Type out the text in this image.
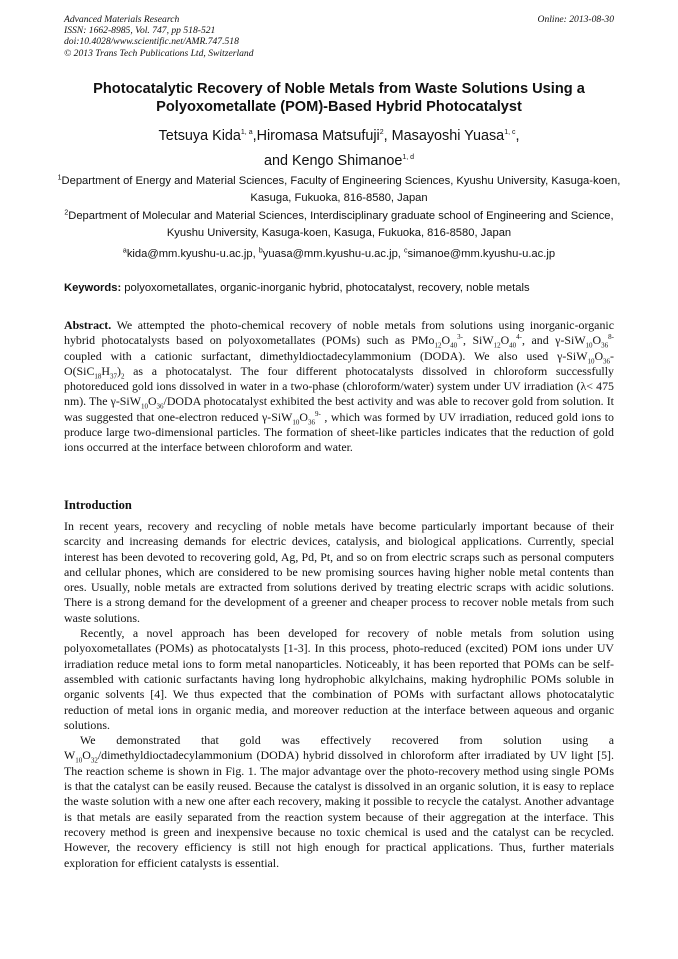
Advanced Materials Research
ISSN: 1662-8985, Vol. 747, pp 518-521
doi:10.4028/www.scientific.net/AMR.747.518
© 2013 Trans Tech Publications Ltd, Switzerland
Online: 2013-08-30
Photocatalytic Recovery of Noble Metals from Waste Solutions Using a
Polyoxometallate (POM)-Based Hybrid Photocatalyst
Tetsuya Kida$^{1, a}$,Hiromasa Matsufuji$^2$, Masayoshi Yuasa$^{1, c}$,
and Kengo Shimanoe$^{1, d}$
$^1$Department of Energy and Material Sciences, Faculty of Engineering Sciences, Kyushu University, Kasuga-koen, Kasuga, Fukuoka, 816-8580, Japan
$^2$Department of Molecular and Material Sciences, Interdisciplinary graduate school of Engineering and Science, Kyushu University, Kasuga-koen, Kasuga, Fukuoka, 816-8580, Japan
$^a$kida@mm.kyushu-u.ac.jp, $^b$yuasa@mm.kyushu-u.ac.jp, $^c$simanoe@mm.kyushu-u.ac.jp
Keywords: polyoxometallates, organic-inorganic hybrid, photocatalyst, recovery, noble metals

Abstract. We attempted the photo-chemical recovery of noble metals from solutions using inorganic-organic hybrid photocatalysts based on polyoxometallates (POMs) such as $PMo_{12}O_{40}^{3-}$, $SiW_{12}O_{40}^{4-}$, and $\gamma-SiW_{10}O_{36}^{8-}$ coupled with a cationic surfactant, dimethyldioctadecylammonium (DODA). We also used $\gamma-SiW_{10}O_{36}-O(SiC_{18}H_{37})_2$ as a photocatalyst. The four different photocatalysts dissolved in chloroform successfully photoreduced gold ions dissolved in water in a two-phase (chloroform/water) system under UV irradiation (λ< 475 nm). The $\gamma-SiW_{10}O_{36}$/DODA photocatalyst exhibited the best activity and was able to recover gold from solution. It was suggested that one-electron reduced $\gamma-SiW_{10}O_{36}^{9-}$ , which was formed by UV irradiation, reduced gold ions to produce large two-dimensional particles. The formation of sheet-like particles indicates that the reduction of gold ions occurred at the interface between chloroform and water.

Introduction

In recent years, recovery and recycling of noble metals have become particularly important because of their scarcity and increasing demands for electric devices, catalysis, and biological applications. Currently, special interest has been devoted to recovering gold, Ag, Pd, Pt, and so on from electric scraps such as personal computers and cellular phones, which are considered to be new promising sources having higher noble metal contents than ores. Usually, noble metals are extracted from solutions derived by treating electric scraps with acidic solutions. There is a strong demand for the development of a greener and cheaper process to recover noble metals from such waste solutions.

Recently, a novel approach has been developed for recovery of noble metals from solution using polyoxometallates (POMs) as photocatalysts [1-3]. In this process, photo-reduced (excited) POM ions under UV irradiation reduce metal ions to form metal nanoparticles. Noticeably, it has been reported that POMs can be self-assembled with cationic surfactants having long hydrophobic alkylchains, making hydrophilic POMs soluble in organic solvents [4]. We thus expected that the combination of POMs with surfactant allows photocatalytic reduction of metal ions in organic media, and moreover reduction at the interface between aqueous and organic solutions.

We demonstrated that gold was effectively recovered from solution using a $W_{10}O_{32}$/dimethyldioctadecylammonium (DODA) hybrid dissolved in chloroform after irradiated by UV light [5]. The reaction scheme is shown in Fig. 1. The major advantage over the photo-recovery method using single POMs is that the catalyst can be easily reused. Because the catalyst is dissolved in an organic solution, it is easy to replace the waste solution with a new one after each recovery, making it possible to recycle the catalyst. Another advantage is that metals are easily separated from the reaction system because of their aggregation at the interface. This recovery method is green and inexpensive because no toxic chemical is used and the catalyst can be recycled. However, the recovery efficiency is still not high enough for practical applications. Thus, further materials exploration for efficient catalysts is essential.
